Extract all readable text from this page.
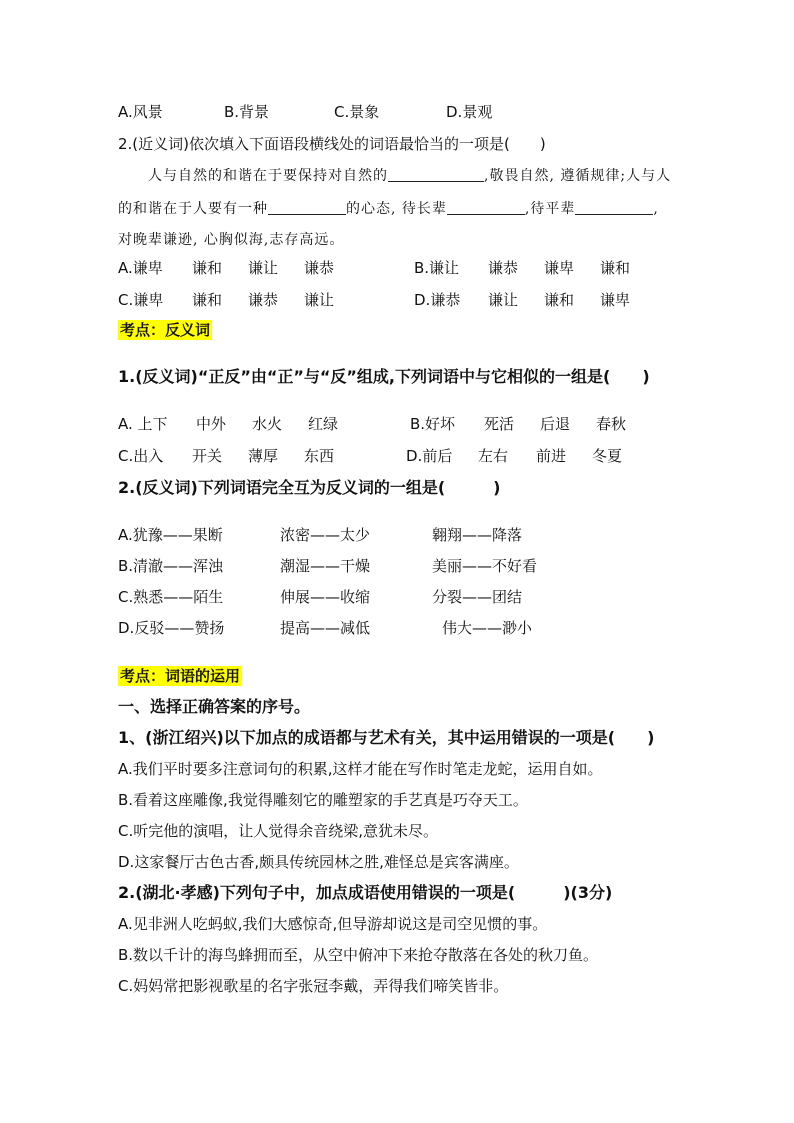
A.风景	B.背景	C.景象	D.景观
2.(近义词)依次填入下面语段横线处的词语最恰当的一项是(　　)
人与自然的和谐在于要保持对自然的	,敬畏自然, 遵循规律;人与人
的和谐在于人要有一种	的心态, 待长辈	,待平辈	,
对晚辈谦逊, 心胸似海,志存高远。
A.谦卑 谦和 谦让 谦恭	B.谦让 谦恭 谦卑 谦和
C.谦卑 谦和 谦恭 谦让	D.谦恭 谦让 谦和 谦卑
考点：反义词
1.(反义词)“正反”由“正”与“反”组成,下列词语中与它相似的一组是(　　)
A. 上下 中外 水火 红绿	B.好坏 死活 后退 春秋
C.出入 开关 薄厚 东西	D.前后 左右 前进 冬夏
2.(反义词)下列词语完全互为反义词的一组是(　　　)
A.犹豫——果断	浓密——太少	翱翔——降落
B.清澈——浑浊	潮湿——干燥	美丽——不好看
C.熟悉——陌生	伸展——收缩	分裂——团结
D.反驳——赞扬	提高——减低	伟大——渺小
考点：词语的运用
一、选择正确答案的序号。
1、(浙江绍兴)以下加点的成语都与艺术有关，其中运用错误的一项是(　　)
A.我们平时要多注意词句的积累,这样才能在写作时笔走龙蛇，运用自如。
B.看着这座雕像,我觉得雕刻它的雕塑家的手艺真是巧夺天工。
C.听完他的演唱，让人觉得余音绕梁,意犹未尽。
D.这家餐厅古色古香,颇具传统园林之胜,难怪总是宾客满座。
2.(湖北·孝感)下列句子中，加点成语使用错误的一项是(　　　)(3分)
A.见非洲人吃蚂蚁,我们大感惊奇,但导游却说这是司空见惯的事。
B.数以千计的海鸟蜂拥而至，从空中俯冲下来抢夺散落在各处的秋刀鱼。
C.妈妈常把影视歌星的名字张冠李戴，弄得我们啼笑皆非。
